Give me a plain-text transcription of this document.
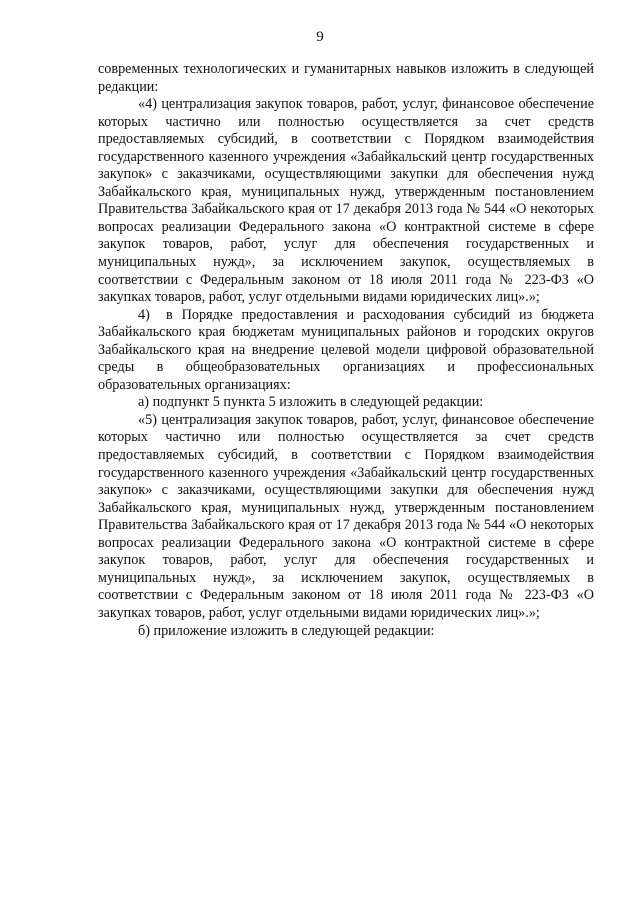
9

современных технологических и гуманитарных навыков изложить в следующей редакции:

«4) централизация закупок товаров, работ, услуг, финансовое обеспечение которых частично или полностью осуществляется за счет средств предоставляемых субсидий, в соответствии с Порядком взаимодействия государственного казенного учреждения «Забайкальский центр государственных закупок» с заказчиками, осуществляющими закупки для обеспечения нужд Забайкальского края, муниципальных нужд, утвержденным постановлением Правительства Забайкальского края от 17 декабря 2013 года № 544 «О некоторых вопросах реализации Федерального закона «О контрактной системе в сфере закупок товаров, работ, услуг для обеспечения государственных и муниципальных нужд», за исключением закупок, осуществляемых в соответствии с Федеральным законом от 18 июля 2011 года № 223-ФЗ «О закупках товаров, работ, услуг отдельными видами юридических лиц».»;

4) в Порядке предоставления и расходования субсидий из бюджета Забайкальского края бюджетам муниципальных районов и городских округов Забайкальского края на внедрение целевой модели цифровой образовательной среды в общеобразовательных организациях и профессиональных образовательных организациях:

а) подпункт 5 пункта 5 изложить в следующей редакции:

«5) централизация закупок товаров, работ, услуг, финансовое обеспечение которых частично или полностью осуществляется за счет средств предоставляемых субсидий, в соответствии с Порядком взаимодействия государственного казенного учреждения «Забайкальский центр государственных закупок» с заказчиками, осуществляющими закупки для обеспечения нужд Забайкальского края, муниципальных нужд, утвержденным постановлением Правительства Забайкальского края от 17 декабря 2013 года № 544 «О некоторых вопросах реализации Федерального закона «О контрактной системе в сфере закупок товаров, работ, услуг для обеспечения государственных и муниципальных нужд», за исключением закупок, осуществляемых в соответствии с Федеральным законом от 18 июля 2011 года № 223-ФЗ «О закупках товаров, работ, услуг отдельными видами юридических лиц».»;

б) приложение изложить в следующей редакции:
